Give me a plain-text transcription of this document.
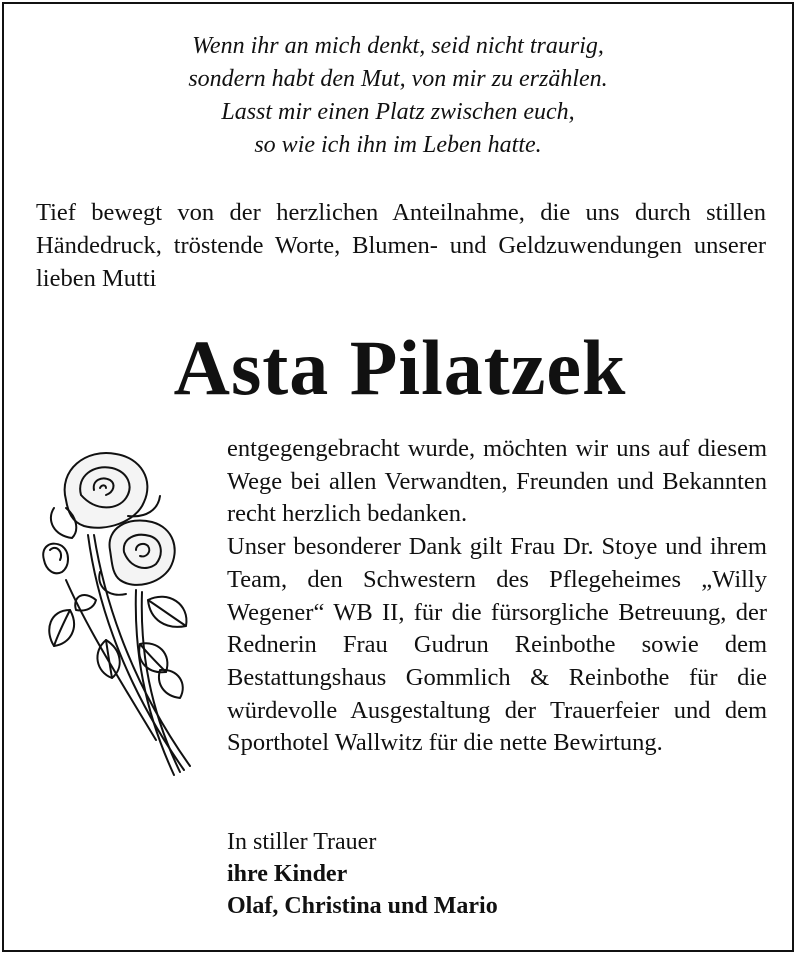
Wenn ihr an mich denkt, seid nicht traurig,
sondern habt den Mut, von mir zu erzählen.
Lasst mir einen Platz zwischen euch,
so wie ich ihn im Leben hatte.
Tief bewegt von der herzlichen Anteilnahme, die uns durch stillen Händedruck, tröstende Worte, Blumen- und Geldzuwendungen unserer lieben Mutti
Asta Pilatzek

entgegengebracht wurde, möchten wir uns auf diesem Wege bei allen Verwandten, Freunden und Bekannten recht herzlich bedanken.

Unser besonderer Dank gilt Frau Dr. Stoye und ihrem Team, den Schwestern des Pflegeheimes „Willy Wegener“ WB II, für die fürsorgliche Betreuung, der Rednerin Frau Gudrun Reinbothe sowie dem Bestattungshaus Gommlich & Reinbothe für die würdevolle Ausgestaltung der Trauerfeier und dem Sporthotel Wallwitz für die nette Bewirtung.

In stiller Trauer
ihre Kinder
Olaf, Christina und Mario
